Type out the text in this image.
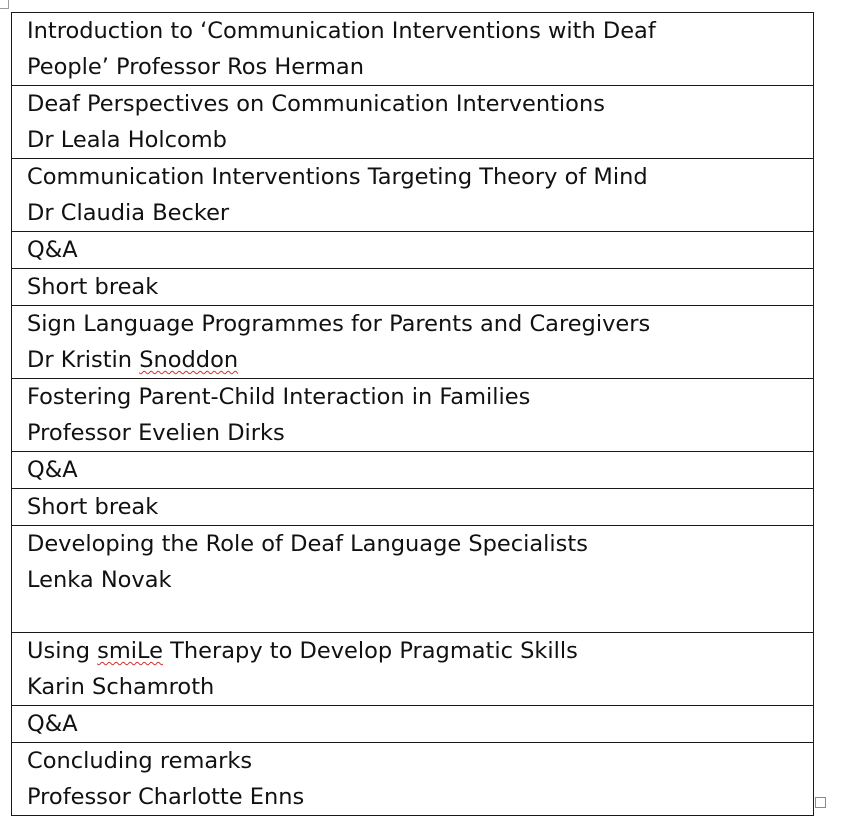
Introduction to ‘Communication Interventions with Deaf
People’ Professor Ros Herman

Deaf Perspectives on Communication Interventions
Dr Leala Holcomb

Communication Interventions Targeting Theory of Mind
Dr Claudia Becker

Q&A

Short break

Sign Language Programmes for Parents and Caregivers
Dr Kristin Snoddon

Fostering Parent-Child Interaction in Families
Professor Evelien Dirks

Q&A

Short break

Developing the Role of Deaf Language Specialists
Lenka Novak

Using smiLe Therapy to Develop Pragmatic Skills
Karin Schamroth

Q&A

Concluding remarks
Professor Charlotte Enns
